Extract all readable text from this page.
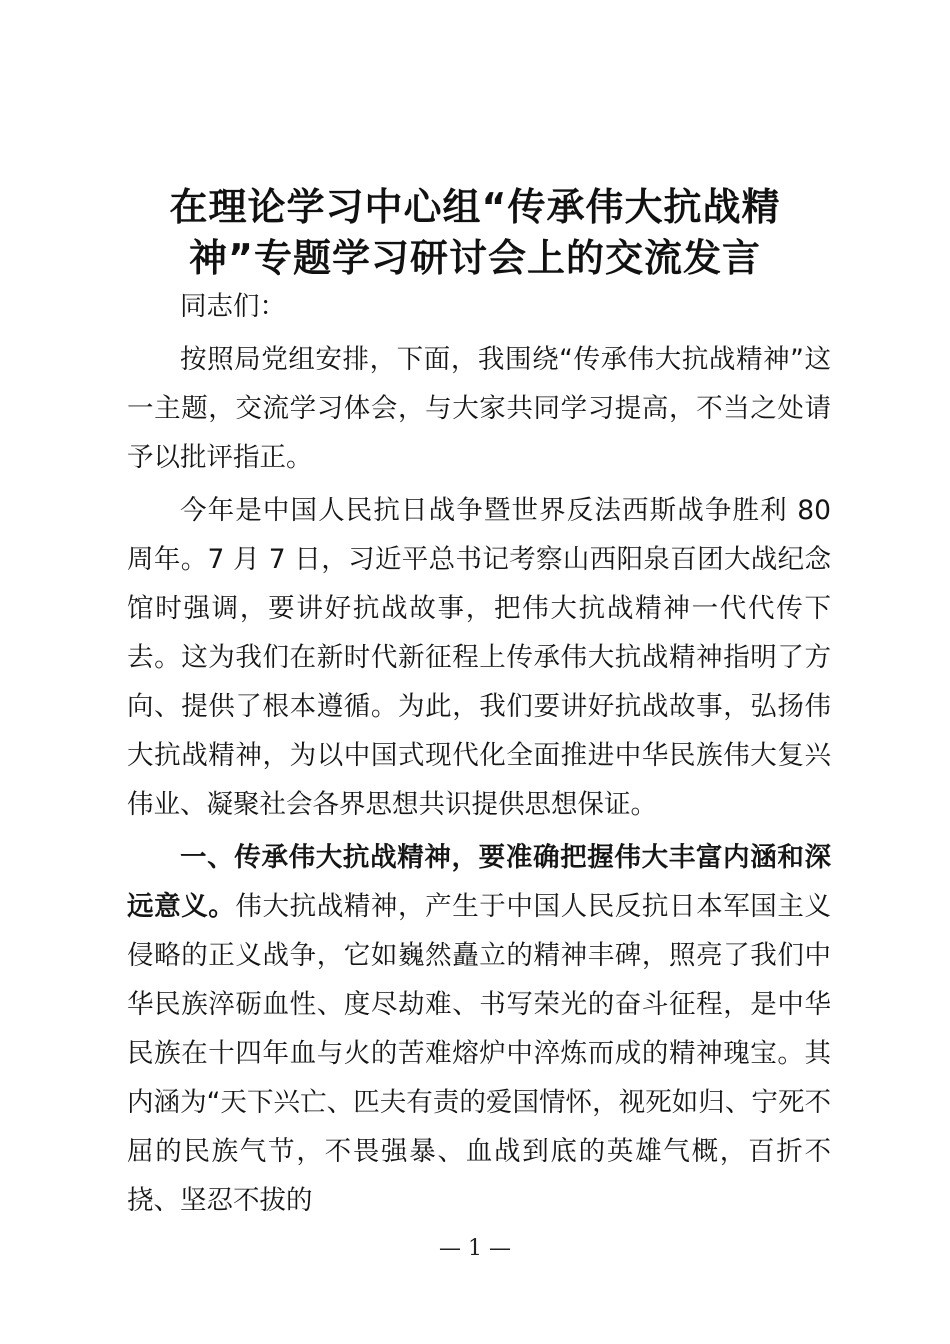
在理论学习中心组“传承伟大抗战精神”专题学习研讨会上的交流发言

同志们：

按照局党组安排，下面，我围绕“传承伟大抗战精神”这一主题，交流学习体会，与大家共同学习提高，不当之处请予以批评指正。

今年是中国人民抗日战争暨世界反法西斯战争胜利 80 周年。7 月 7 日，习近平总书记考察山西阳泉百团大战纪念馆时强调，要讲好抗战故事，把伟大抗战精神一代代传下去。这为我们在新时代新征程上传承伟大抗战精神指明了方向、提供了根本遵循。为此，我们要讲好抗战故事，弘扬伟大抗战精神，为以中国式现代化全面推进中华民族伟大复兴伟业、凝聚社会各界思想共识提供思想保证。

一、传承伟大抗战精神，要准确把握伟大丰富内涵和深远意义。伟大抗战精神，产生于中国人民反抗日本军国主义侵略的正义战争，它如巍然矗立的精神丰碑，照亮了我们中华民族淬砺血性、度尽劫难、书写荣光的奋斗征程，是中华民族在十四年血与火的苦难熔炉中淬炼而成的精神瑰宝。其内涵为“天下兴亡、匹夫有责的爱国情怀，视死如归、宁死不屈的民族气节，不畏强暴、血战到底的英雄气概，百折不挠、坚忍不拔的

— 1 —
